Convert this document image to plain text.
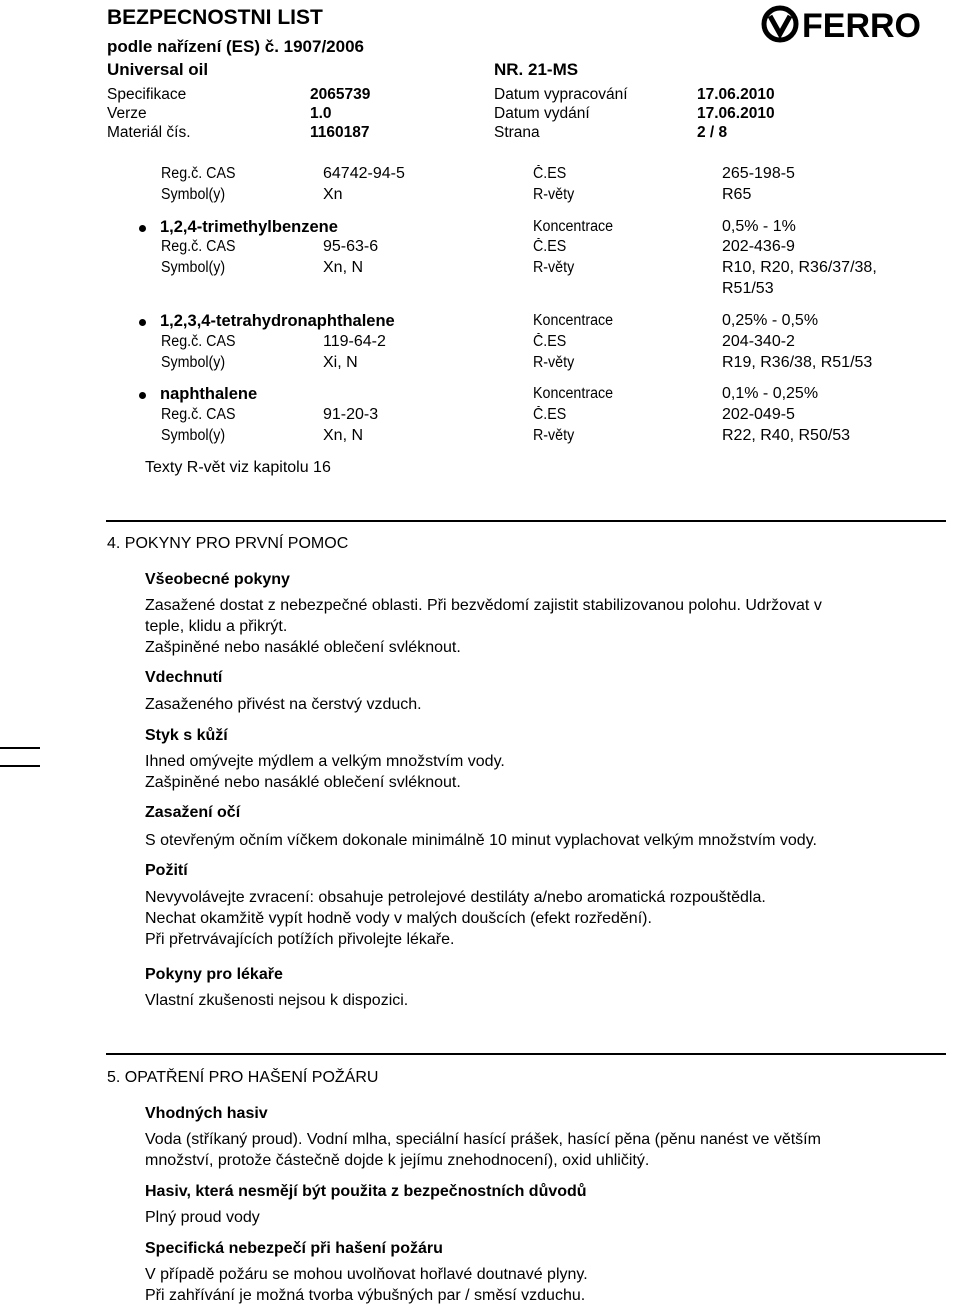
BEZPECNOSTNI LIST
podle nařízení (ES) č. 1907/2006
Universal oil	NR. 21-MS
Specifikace	2065739	Datum vypracování	17.06.2010
Verze	1.0	Datum vydání	17.06.2010
Materiál čís.	1160187	Strana	2 / 8
FERRO
Reg.č. CAS	64742-94-5	Č.ES	265-198-5
Symbol(y)	Xn	R-věty	R65
1,2,4-trimethylbenzene	Koncentrace	0,5% - 1%
Reg.č. CAS	95-63-6	Č.ES	202-436-9
Symbol(y)	Xn, N	R-věty	R10, R20, R36/37/38,
R51/53
1,2,3,4-tetrahydronaphthalene	Koncentrace	0,25% - 0,5%
Reg.č. CAS	119-64-2	Č.ES	204-340-2
Symbol(y)	Xi, N	R-věty	R19, R36/38, R51/53
naphthalene	Koncentrace	0,1% - 0,25%
Reg.č. CAS	91-20-3	Č.ES	202-049-5
Symbol(y)	Xn, N	R-věty	R22, R40, R50/53
Texty R-vět viz kapitolu 16
4. POKYNY PRO PRVNÍ POMOC
Všeobecné pokyny
Zasažené dostat z nebezpečné oblasti. Při bezvědomí zajistit stabilizovanou polohu. Udržovat v
teple, klidu a přikrýt.
Zašpiněné nebo nasáklé oblečení svléknout.
Vdechnutí
Zasaženého přivést na čerstvý vzduch.
Styk s kůží
Ihned omývejte mýdlem a velkým množstvím vody.
Zašpiněné nebo nasáklé oblečení svléknout.
Zasažení očí
S otevřeným očním víčkem dokonale minimálně 10 minut vyplachovat velkým množstvím vody.
Požití
Nevyvolávejte zvracení: obsahuje petrolejové destiláty a/nebo aromatická rozpouštědla.
Nechat okamžitě vypít hodně vody v malých doušcích (efekt rozředění).
Při přetrvávajících potížích přivolejte lékaře.
Pokyny pro lékaře
Vlastní zkušenosti nejsou k dispozici.
5. OPATŘENÍ PRO HAŠENÍ POŽÁRU
Vhodných hasiv
Voda (stříkaný proud). Vodní mlha, speciální hasící prášek, hasící pěna (pěnu nanést ve větším
množství, protože částečně dojde k jejímu znehodnocení), oxid uhličitý.
Hasiv, která nesmějí být použita z bezpečnostních důvodů
Plný proud vody
Specifická nebezpečí při hašení požáru
V případě požáru se mohou uvolňovat hořlavé doutnavé plyny.
Při zahřívání je možná tvorba výbušných par / směsí vzduchu.
